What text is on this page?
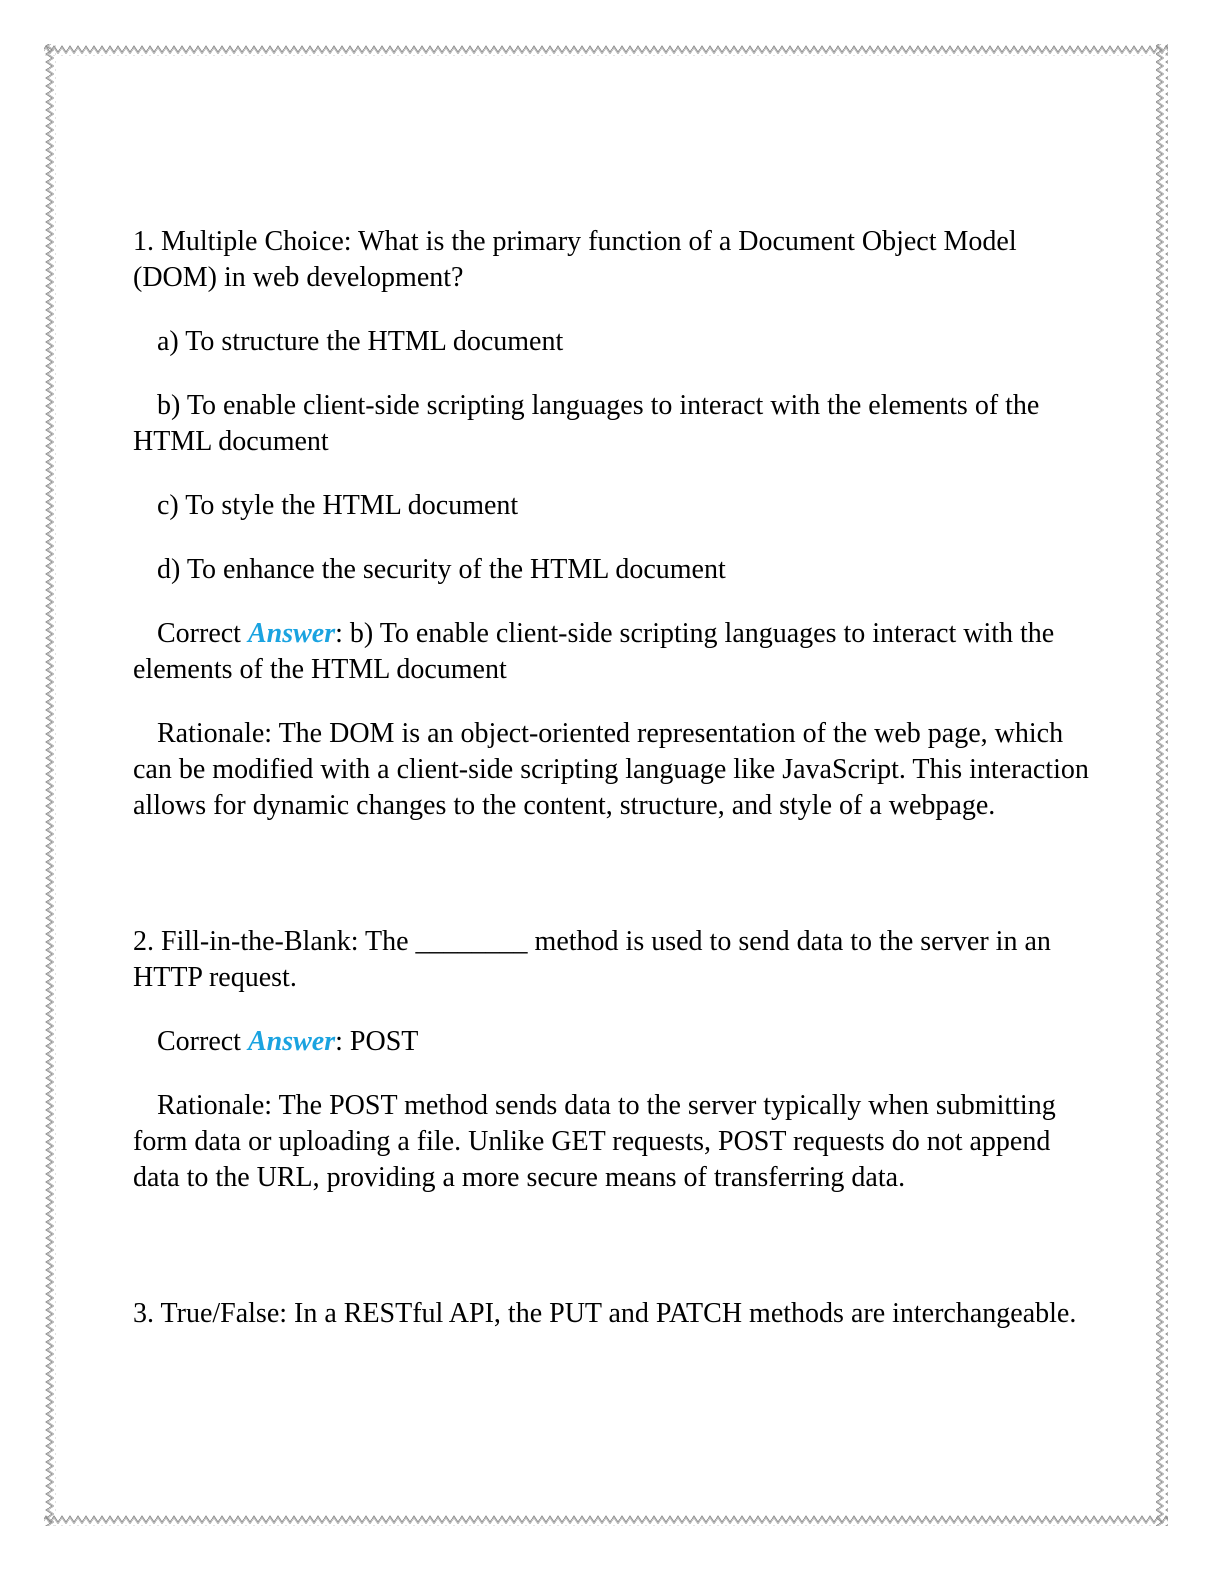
1. Multiple Choice: What is the primary function of a Document Object Model (DOM) in web development?

a) To structure the HTML document

b) To enable client-side scripting languages to interact with the elements of the HTML document

c) To style the HTML document

d) To enhance the security of the HTML document

Correct Answer: b) To enable client-side scripting languages to interact with the elements of the HTML document

Rationale: The DOM is an object-oriented representation of the web page, which can be modified with a client-side scripting language like JavaScript. This interaction allows for dynamic changes to the content, structure, and style of a webpage.

2. Fill-in-the-Blank: The ________ method is used to send data to the server in an HTTP request.

Correct Answer: POST

Rationale: The POST method sends data to the server typically when submitting form data or uploading a file. Unlike GET requests, POST requests do not append data to the URL, providing a more secure means of transferring data.

3. True/False: In a RESTful API, the PUT and PATCH methods are interchangeable.
